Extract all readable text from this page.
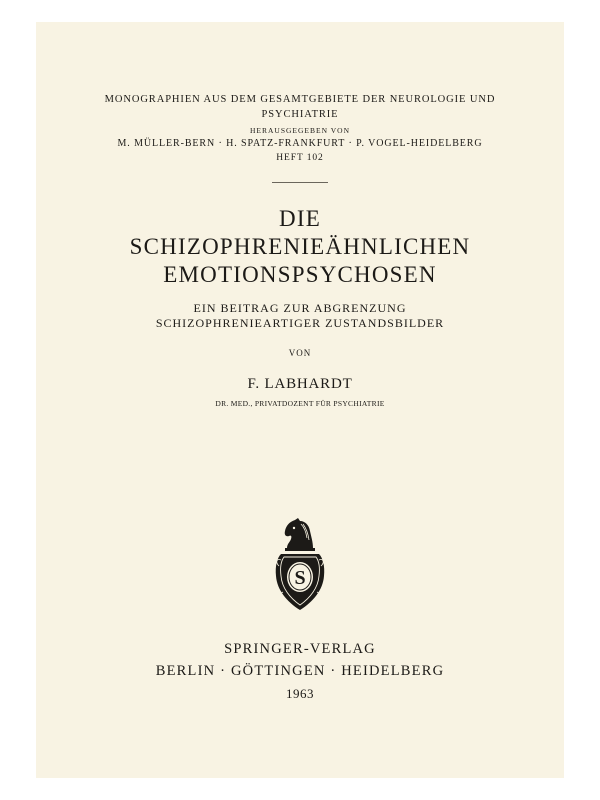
MONOGRAPHIEN AUS DEM GESAMTGEBIETE DER NEUROLOGIE UND
PSYCHIATRIE
HERAUSGEGEBEN VON
M. MÜLLER-BERN · H. SPATZ-FRANKFURT · P. VOGEL-HEIDELBERG
HEFT 102
DIE
SCHIZOPHRENIEÄHNLICHEN
EMOTIONSPSYCHOSEN
EIN BEITRAG ZUR ABGRENZUNG
SCHIZOPHRENIEARTIGER ZUSTANDSBILDER
VON
F. LABHARDT
DR. MED., PRIVATDOZENT FÜR PSYCHIATRIE
S
SPRINGER-VERLAG
BERLIN · GÖTTINGEN · HEIDELBERG
1963
